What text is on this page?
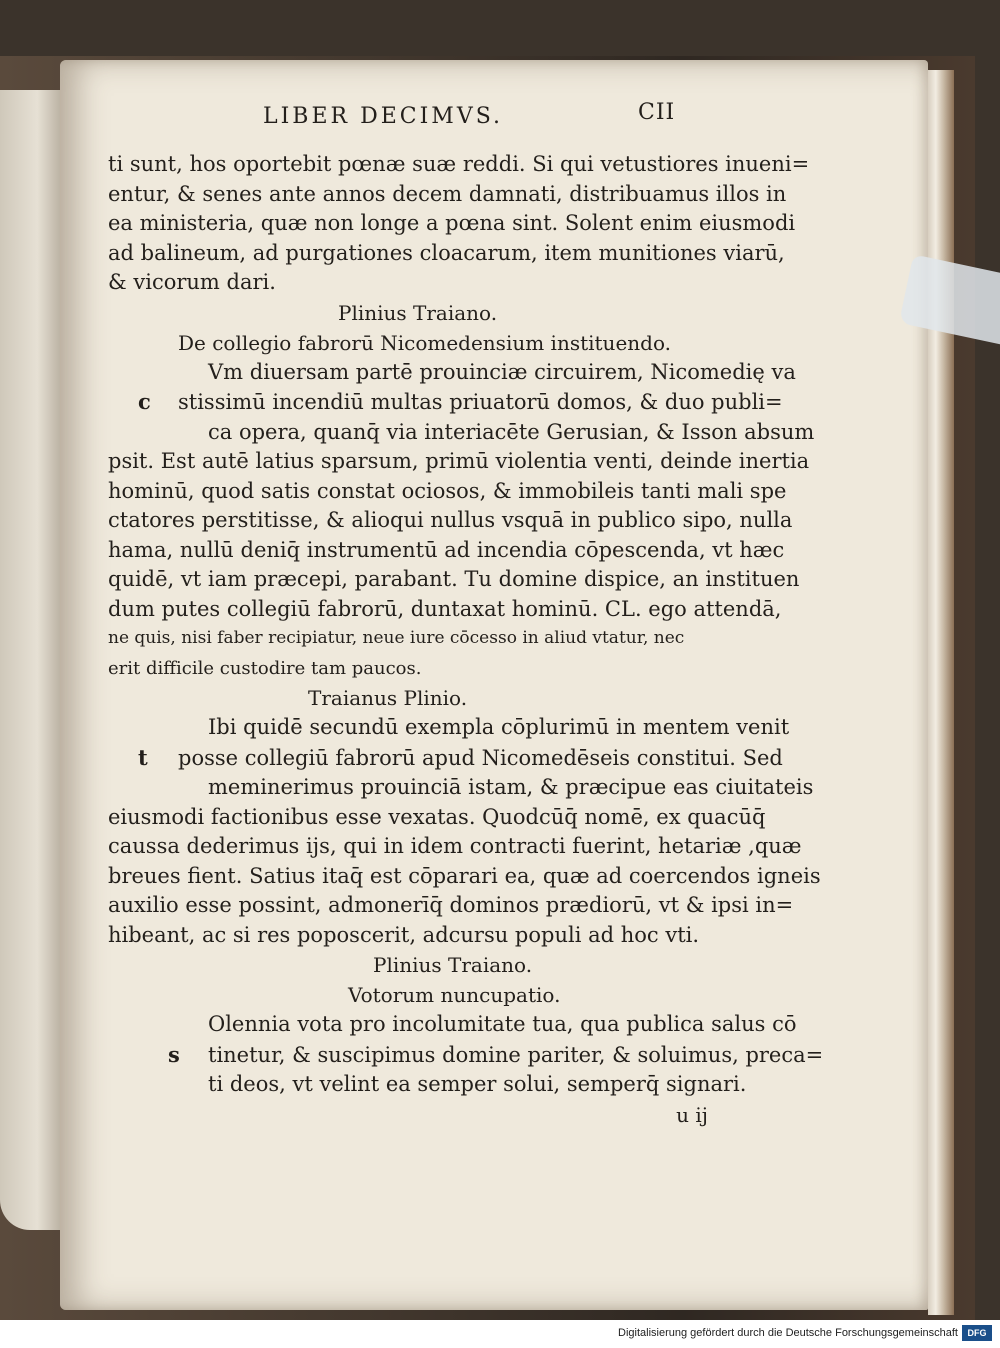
LIBER DECIMVS.	CII
ti sunt, hos oportebit pœnæ suæ reddi. Si qui vetustiores inueni=
entur, & senes ante annos decem damnati, distribuamus illos in
ea ministeria, quæ non longe a pœna sint. Solent enim eiusmodi
ad balineum, ad purgationes cloacarum, item munitiones viarū,
& vicorum dari.
Plinius Traiano.
De collegio fabrorū Nicomedensium instituendo.
Vm diuersam partē prouinciæ circuirem, Nicomedię va
c stissimū incendiū multas priuatorū domos, & duo publi=
ca opera, quanq̄ via interiacēte Gerusian, & Isson absum
psit. Est autē latius sparsum, primū violentia venti, deinde inertia
hominū, quod satis constat ociosos, & immobileis tanti mali spe
ctatores perstitisse, & alioqui nullus vsquā in publico sipo, nulla
hama, nullū deniq̄ instrumentū ad incendia cōpescenda, vt hæc
quidē, vt iam præcepi, parabant. Tu domine dispice, an instituen
dum putes collegiū fabrorū, duntaxat hominū. CL. ego attendā,
ne quis, nisi faber recipiatur, neue iure cōcesso in aliud vtatur, nec
erit difficile custodire tam paucos.
Traianus Plinio.
Ibi quidē secundū exempla cōplurimū in mentem venit
t posse collegiū fabrorū apud Nicomedēseis constitui. Sed
meminerimus prouinciā istam, & præcipue eas ciuitateis
eiusmodi factionibus esse vexatas. Quodcūq̄ nomē, ex quacūq̄
caussa dederimus ijs, qui in idem contracti fuerint, hetariæ ,quæ
breues fient. Satius itaq̄ est cōparari ea, quæ ad coercendos igneis
auxilio esse possint, admonerīq̄ dominos prædiorū, vt & ipsi in=
hibeant, ac si res poposcerit, adcursu populi ad hoc vti.
Plinius Traiano.
Votorum nuncupatio.
Olennia vota pro incolumitate tua, qua publica salus cō
s tinetur, & suscipimus domine pariter, & soluimus, preca=
ti deos, vt velint ea semper solui, semperq̄ signari.
u ij
Digitalisierung gefördert durch die Deutsche Forschungsgemeinschaft	DFG
